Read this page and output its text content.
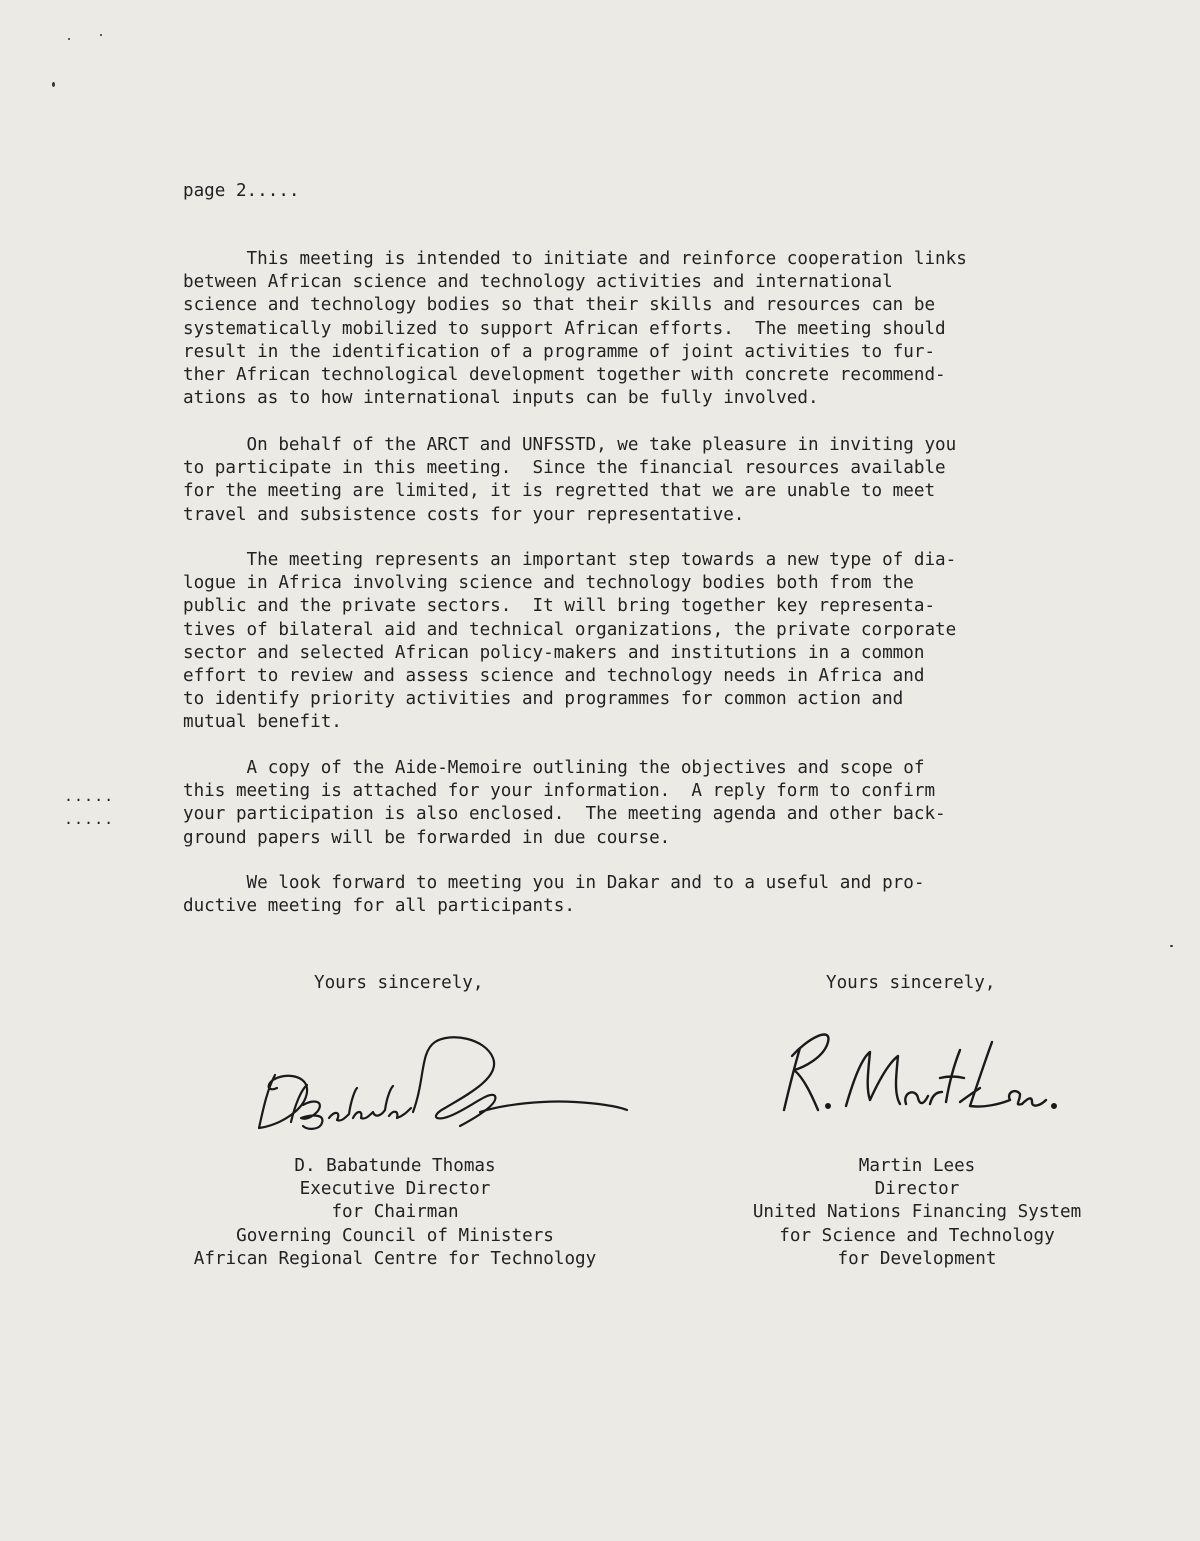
page 2.....
This meeting is intended to initiate and reinforce cooperation links
between African science and technology activities and international
science and technology bodies so that their skills and resources can be
systematically mobilized to support African efforts.  The meeting should
result in the identification of a programme of joint activities to fur-
ther African technological development together with concrete recommend-
ations as to how international inputs can be fully involved.
On behalf of the ARCT and UNFSSTD, we take pleasure in inviting you
to participate in this meeting.  Since the financial resources available
for the meeting are limited, it is regretted that we are unable to meet
travel and subsistence costs for your representative.
The meeting represents an important step towards a new type of dia-
logue in Africa involving science and technology bodies both from the
public and the private sectors.  It will bring together key representa-
tives of bilateral aid and technical organizations, the private corporate
sector and selected African policy-makers and institutions in a common
effort to review and assess science and technology needs in Africa and
to identify priority activities and programmes for common action and
mutual benefit.
A copy of the Aide-Memoire outlining the objectives and scope of
this meeting is attached for your information.  A reply form to confirm
your participation is also enclosed.  The meeting agenda and other back-
ground papers will be forwarded in due course.
We look forward to meeting you in Dakar and to a useful and pro-
ductive meeting for all participants.
.....
.....
Yours sincerely,	Yours sincerely,
D. Babatunde Thomas
Executive Director
for Chairman
Governing Council of Ministers
African Regional Centre for Technology
Martin Lees
Director
United Nations Financing System
for Science and Technology
for Development
